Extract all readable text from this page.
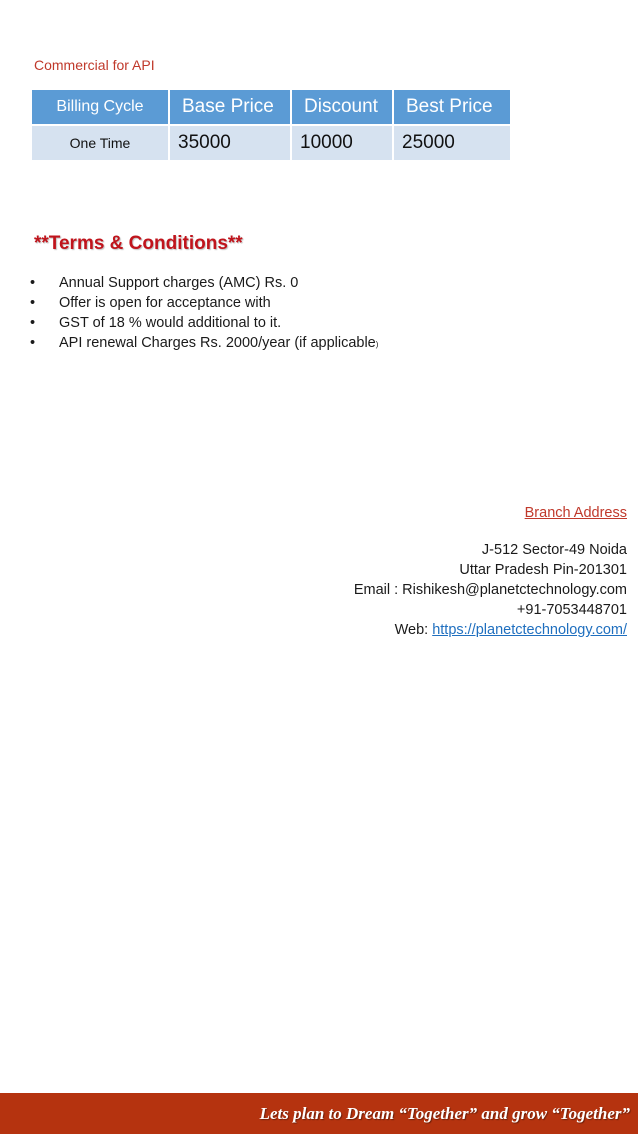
Commercial for API
Billing Cycle	Base Price	Discount	Best Price
One Time	35000	10000	25000
**Terms & Conditions**
•	Annual Support charges (AMC) Rs. 0
•	Offer is open for acceptance with
•	GST of 18 % would additional to it.
•	API renewal Charges Rs. 2000/year (if applicable)
Branch Address
J-512 Sector-49 Noida
Uttar Pradesh Pin-201301
Email : Rishikesh@planetctechnology.com
+91-7053448701
Web: https://planetctechnology.com/
Lets plan to Dream “Together” and grow “Together”
